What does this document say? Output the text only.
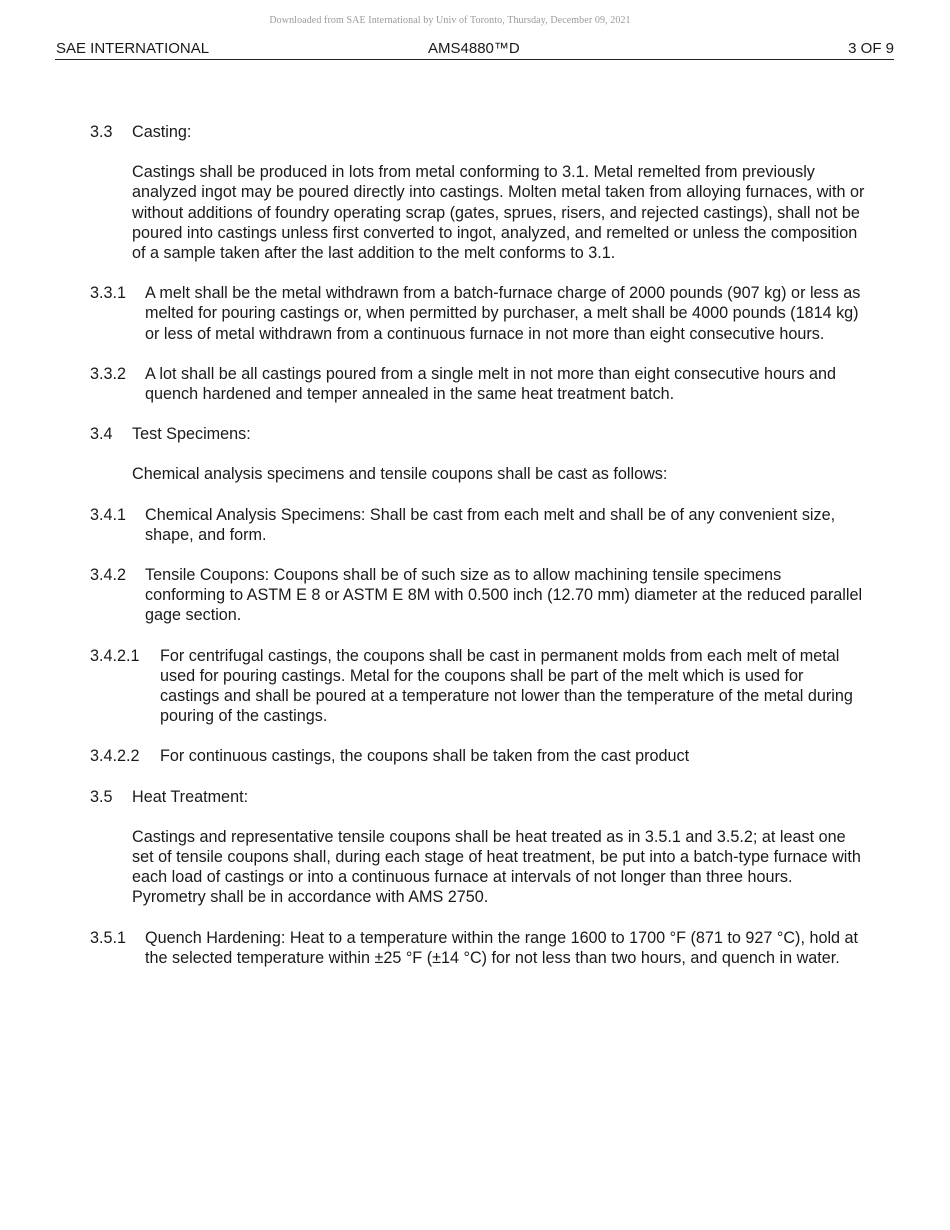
Downloaded from SAE International by Univ of Toronto, Thursday, December 09, 2021
SAE INTERNATIONAL	AMS4880™D	3 OF 9
3.3	Casting:
Castings shall be produced in lots from metal conforming to 3.1. Metal remelted from previously analyzed ingot may be poured directly into castings. Molten metal taken from alloying furnaces, with or without additions of foundry operating scrap (gates, sprues, risers, and rejected castings), shall not be poured into castings unless first converted to ingot, analyzed, and remelted or unless the composition of a sample taken after the last addition to the melt conforms to 3.1.
3.3.1	A melt shall be the metal withdrawn from a batch-furnace charge of 2000 pounds (907 kg) or less as melted for pouring castings or, when permitted by purchaser, a melt shall be 4000 pounds (1814 kg) or less of metal withdrawn from a continuous furnace in not more than eight consecutive hours.
3.3.2	A lot shall be all castings poured from a single melt in not more than eight consecutive hours and quench hardened and temper annealed in the same heat treatment batch.
3.4	Test Specimens:
Chemical analysis specimens and tensile coupons shall be cast as follows:
3.4.1	Chemical Analysis Specimens: Shall be cast from each melt and shall be of any convenient size, shape, and form.
3.4.2	Tensile Coupons: Coupons shall be of such size as to allow machining tensile specimens conforming to ASTM E 8 or ASTM E 8M with 0.500 inch (12.70 mm) diameter at the reduced parallel gage section.
3.4.2.1	For centrifugal castings, the coupons shall be cast in permanent molds from each melt of metal used for pouring castings. Metal for the coupons shall be part of the melt which is used for castings and shall be poured at a temperature not lower than the temperature of the metal during pouring of the castings.
3.4.2.2	For continuous castings, the coupons shall be taken from the cast product
3.5	Heat Treatment:
Castings and representative tensile coupons shall be heat treated as in 3.5.1 and 3.5.2; at least one set of tensile coupons shall, during each stage of heat treatment, be put into a batch-type furnace with each load of castings or into a continuous furnace at intervals of not longer than three hours. Pyrometry shall be in accordance with AMS 2750.
3.5.1	Quench Hardening: Heat to a temperature within the range 1600 to 1700 °F (871 to 927 °C), hold at the selected temperature within ±25 °F (±14 °C) for not less than two hours, and quench in water.
